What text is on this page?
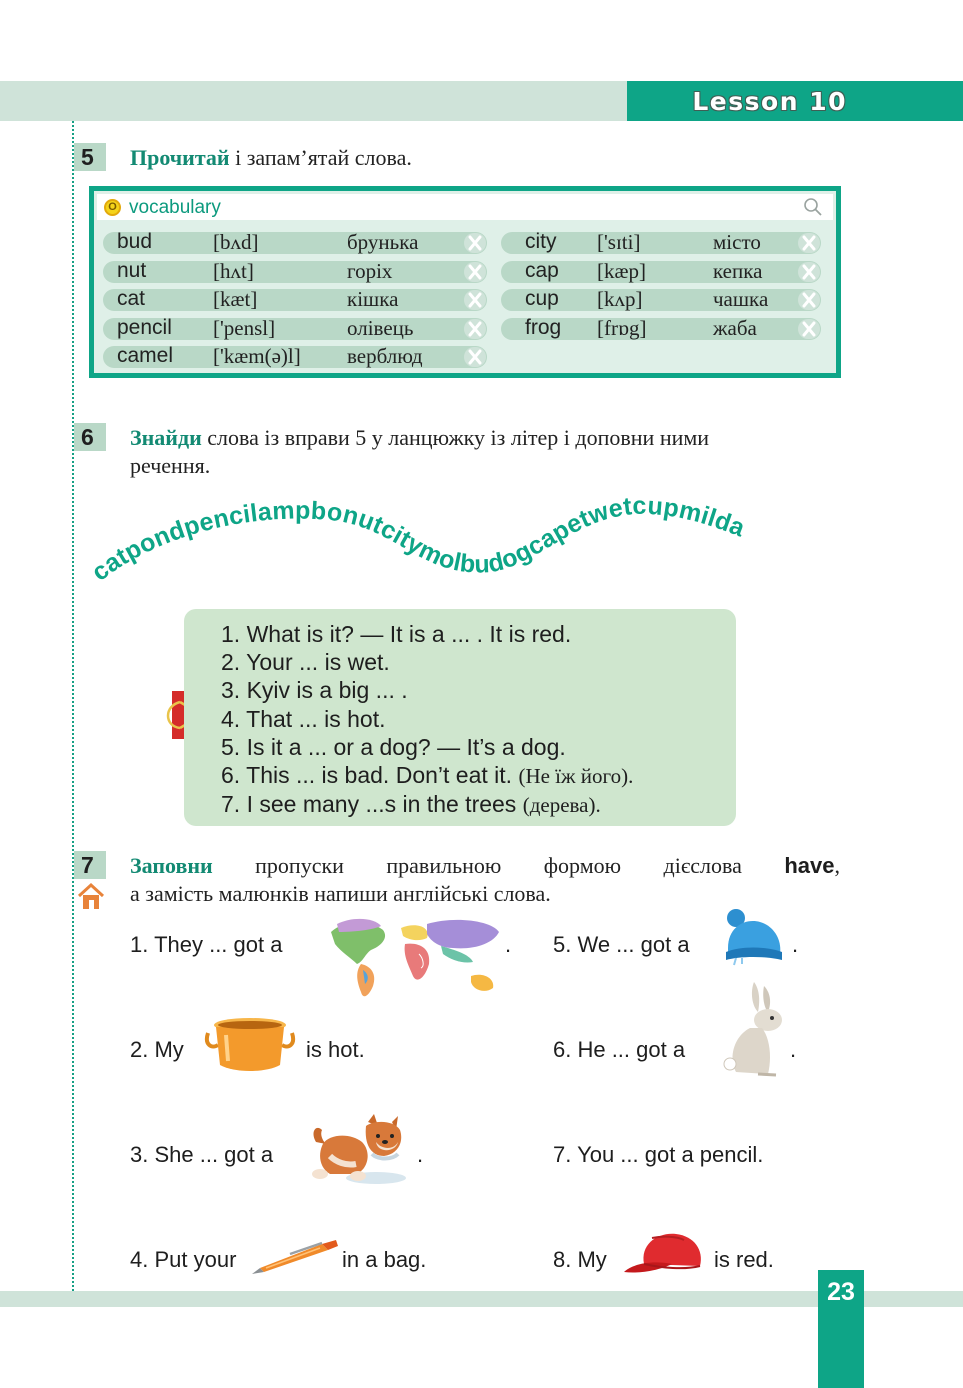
Lesson 10
5	Прочитай і запам’ятай слова.
O vocabulary
bud	[bʌd]	брунька
nut	[hʌt]	горіх
cat	[kæt]	кішка
pencil ['pensl]	олівець
camel ['kæm(ə)l] верблюд
city ['sɪti]	місто
cap [kæp]	кепка
cup [kʌp]	чашка
frog [frɒg]	жаба
6	Знайди слова із вправи 5 у ланцюжку із літер і доповни ними
речення.
catpondpencilampbonutcitymolbudogcapetwetcupmilda
1. What is it? — It is a ... . It is red.
2. Your ... is wet.
3. Kyiv is a big ... .
4. That ... is hot.
5. Is it a ... or a dog? — It’s a dog.
6. This ... is bad. Don’t eat it. (Не їж його).
7. I see many ...s in the trees (дерева).
7	Заповни пропуски правильною формою дієслова have,
а замість малюнків напиши англійські слова.
1. They ... got a	. 5. We ... got a	.
2. My	is hot.	6. He ... got a	.
3. She ... got a	.	7. You ... got a pencil.
4. Put your	in a bag.	8. My	is red.
23
